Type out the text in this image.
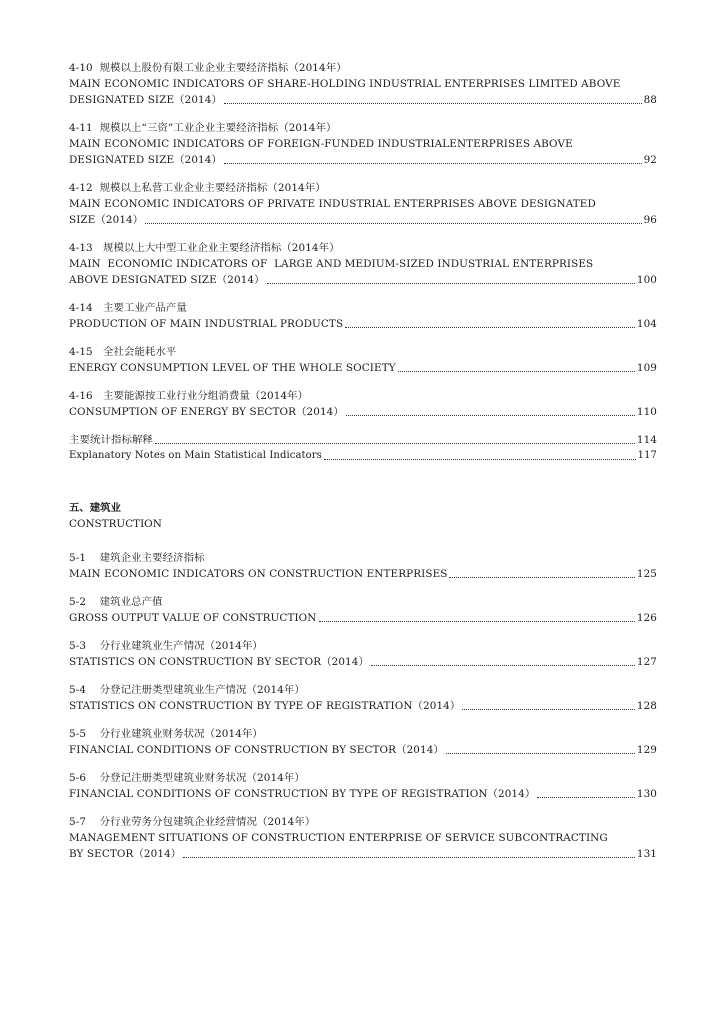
4-10 规模以上股份有限工业企业主要经济指标（2014年）
MAIN ECONOMIC INDICATORS OF SHARE-HOLDING INDUSTRIAL ENTERPRISES LIMITED ABOVE
DESIGNATED SIZE（2014）	88
4-11 规模以上“三资”工业企业主要经济指标（2014年）
MAIN ECONOMIC INDICATORS OF FOREIGN-FUNDED INDUSTRIALENTERPRISES ABOVE
DESIGNATED SIZE（2014）	92
4-12 规模以上私营工业企业主要经济指标（2014年）
MAIN ECONOMIC INDICATORS OF PRIVATE INDUSTRIAL ENTERPRISES ABOVE DESIGNATED
SIZE（2014）	96
4-13 规模以上大中型工业企业主要经济指标（2014年）
MAIN  ECONOMIC INDICATORS OF  LARGE AND MEDIUM-SIZED INDUSTRIAL ENTERPRISES
ABOVE DESIGNATED SIZE（2014）	100
4-14 主要工业产品产量
PRODUCTION OF MAIN INDUSTRIAL PRODUCTS	104
4-15 全社会能耗水平
ENERGY CONSUMPTION LEVEL OF THE WHOLE SOCIETY	109
4-16 主要能源按工业行业分组消费量（2014年）
CONSUMPTION OF ENERGY BY SECTOR（2014）	110
主要统计指标解释	114
Explanatory Notes on Main Statistical Indicators	117
五、建筑业
CONSTRUCTION
5-1 建筑企业主要经济指标
MAIN ECONOMIC INDICATORS ON CONSTRUCTION ENTERPRISES	125
5-2 建筑业总产值
GROSS OUTPUT VALUE OF CONSTRUCTION	126
5-3 分行业建筑业生产情况（2014年）
STATISTICS ON CONSTRUCTION BY SECTOR（2014）	127
5-4 分登记注册类型建筑业生产情况（2014年）
STATISTICS ON CONSTRUCTION BY TYPE OF REGISTRATION（2014）	128
5-5 分行业建筑业财务状况（2014年）
FINANCIAL CONDITIONS OF CONSTRUCTION BY SECTOR（2014）	129
5-6 分登记注册类型建筑业财务状况（2014年）
FINANCIAL CONDITIONS OF CONSTRUCTION BY TYPE OF REGISTRATION（2014）	130
5-7 分行业劳务分包建筑企业经营情况（2014年）
MANAGEMENT SITUATIONS OF CONSTRUCTION ENTERPRISE OF SERVICE SUBCONTRACTING
BY SECTOR（2014）	131
